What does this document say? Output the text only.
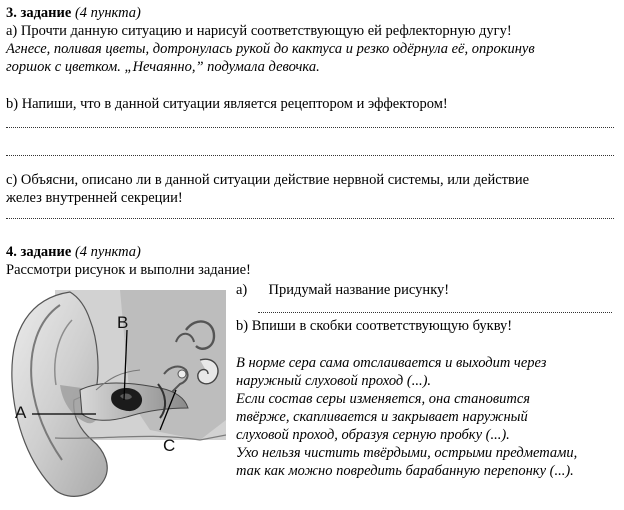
3. задание (4 пункта)
a) Прочти данную ситуацию и нарисуй соответствующую ей рефлекторную дугу!
Агнесе, поливая цветы, дотронулась рукой до кактуса и резко одёрнула её, опрокинув
горшок с цветком. „Нечаянно,” подумала девочка.
b) Напиши, что в данной ситуации является рецептором и эффектором!
c) Объясни, описано ли в данной ситуации действие нервной системы, или действие
желез внутренней секреции!
4. задание (4 пункта)
Рассмотри рисунок и выполни задание!
B
A
C
a) Придумай название рисунку!
b) Впиши в скобки соответствующую букву!
В норме сера сама отслаивается и выходит через
наружный слуховой проход (...).
Если состав серы изменяется, она становится
твёрже, скапливается и закрывает наружный
слуховой проход, образуя серную пробку (...).
Ухо нельзя чистить твёрдыми, острыми предметами,
так как можно повредить барабанную перепонку (...).
